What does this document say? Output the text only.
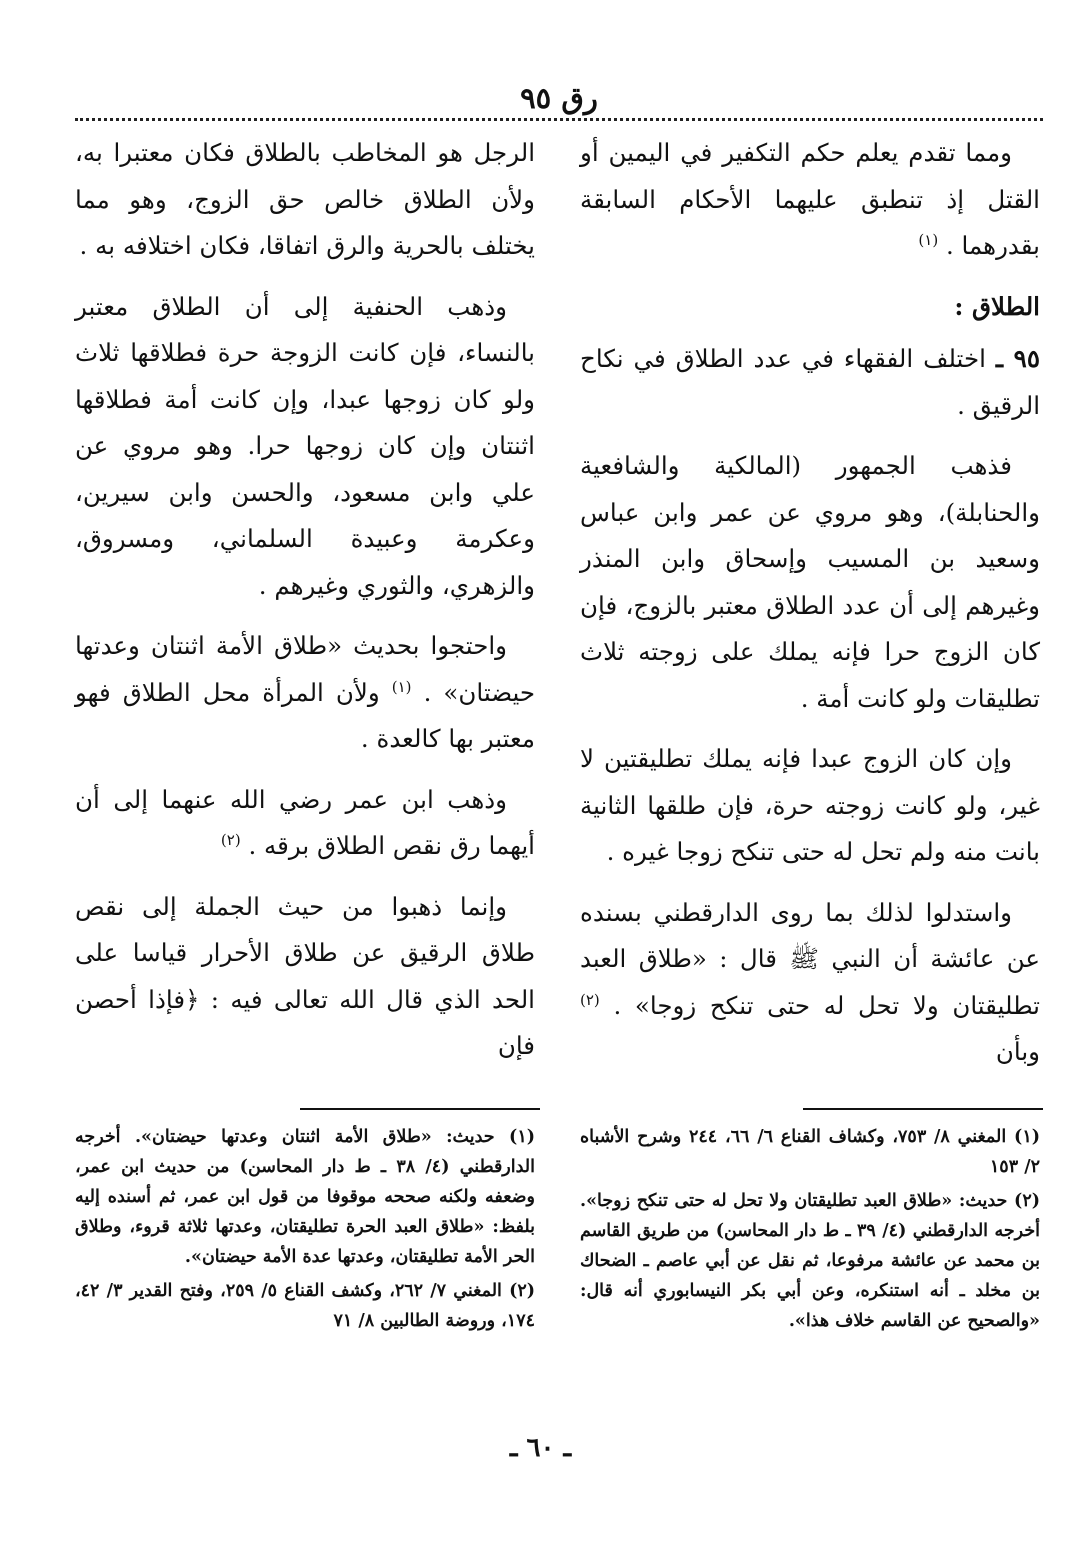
رق ٩٥

ومما تقدم يعلم حكم التكفير في اليمين أو القتل إذ تنطبق عليهما الأحكام السابقة بقدرهما . $^{(١)}$

الطلاق :

٩٥ ـ اختلف الفقهاء في عدد الطلاق في نكاح الرقيق .

فذهب الجمهور (المالكية والشافعية والحنابلة)، وهو مروي عن عمر وابن عباس وسعيد بن المسيب وإسحاق وابن المنذر وغيرهم إلى أن عدد الطلاق معتبر بالزوج، فإن كان الزوج حرا فإنه يملك على زوجته ثلاث تطليقات ولو كانت أمة .

وإن كان الزوج عبدا فإنه يملك تطليقتين لا غير، ولو كانت زوجته حرة، فإن طلقها الثانية بانت منه ولم تحل له حتى تنكح زوجا غيره .

واستدلوا لذلك بما روى الدارقطني بسنده عن عائشة أن النبي ﷺ قال : «طلاق العبد تطليقتان ولا تحل له حتى تنكح زوجا» . $^{(٢)}$ وبأن

الرجل هو المخاطب بالطلاق فكان معتبرا به، ولأن الطلاق خالص حق الزوج، وهو مما يختلف بالحرية والرق اتفاقا، فكان اختلافه به .

وذهب الحنفية إلى أن الطلاق معتبر بالنساء، فإن كانت الزوجة حرة فطلاقها ثلاث ولو كان زوجها عبدا، وإن كانت أمة فطلاقها اثنتان وإن كان زوجها حرا. وهو مروي عن علي وابن مسعود، والحسن وابن سيرين، وعكرمة وعبيدة السلماني، ومسروق، والزهري، والثوري وغيرهم .

واحتجوا بحديث «طلاق الأمة اثنتان وعدتها حيضتان» . $^{(١)}$ ولأن المرأة محل الطلاق فهو معتبر بها كالعدة .

وذهب ابن عمر رضي الله عنهما إلى أن أيهما رق نقص الطلاق برقه . $^{(٢)}$

وإنما ذهبوا من حيث الجملة إلى نقص طلاق الرقيق عن طلاق الأحرار قياسا على الحد الذي قال الله تعالى فيه : ﴿فإذا أحصن فإن

(١) المغني ٨/ ٧٥٣، وكشاف القناع ٦/ ٦٦، ٢٤٤ وشرح الأشباه ٢/ ١٥٣

(٢) حديث: «طلاق العبد تطليقتان ولا تحل له حتى تنكح زوجا». أخرجه الدارقطني (٤/ ٣٩ ـ ط دار المحاسن) من طريق القاسم بن محمد عن عائشة مرفوعا، ثم نقل عن أبي عاصم ـ الضحاك بن مخلد ـ أنه استنكره، وعن أبي بكر النيسابوري أنه قال: «والصحيح عن القاسم خلاف هذا».

(١) حديث: «طلاق الأمة اثنتان وعدتها حيضتان». أخرجه الدارقطني (٤/ ٣٨ ـ ط دار المحاسن) من حديث ابن عمر، وضعفه ولكنه صححه موقوفا من قول ابن عمر، ثم أسنده إليه بلفظ: «طلاق العبد الحرة تطليقتان، وعدتها ثلاثة قروء، وطلاق الحر الأمة تطليقتان، وعدتها عدة الأمة حيضتان».

(٢) المغني ٧/ ٢٦٢، وكشف القناع ٥/ ٢٥٩، وفتح القدير ٣/ ٤٢، ١٧٤، وروضة الطالبين ٨/ ٧١

ـ ٦٠ ـ
